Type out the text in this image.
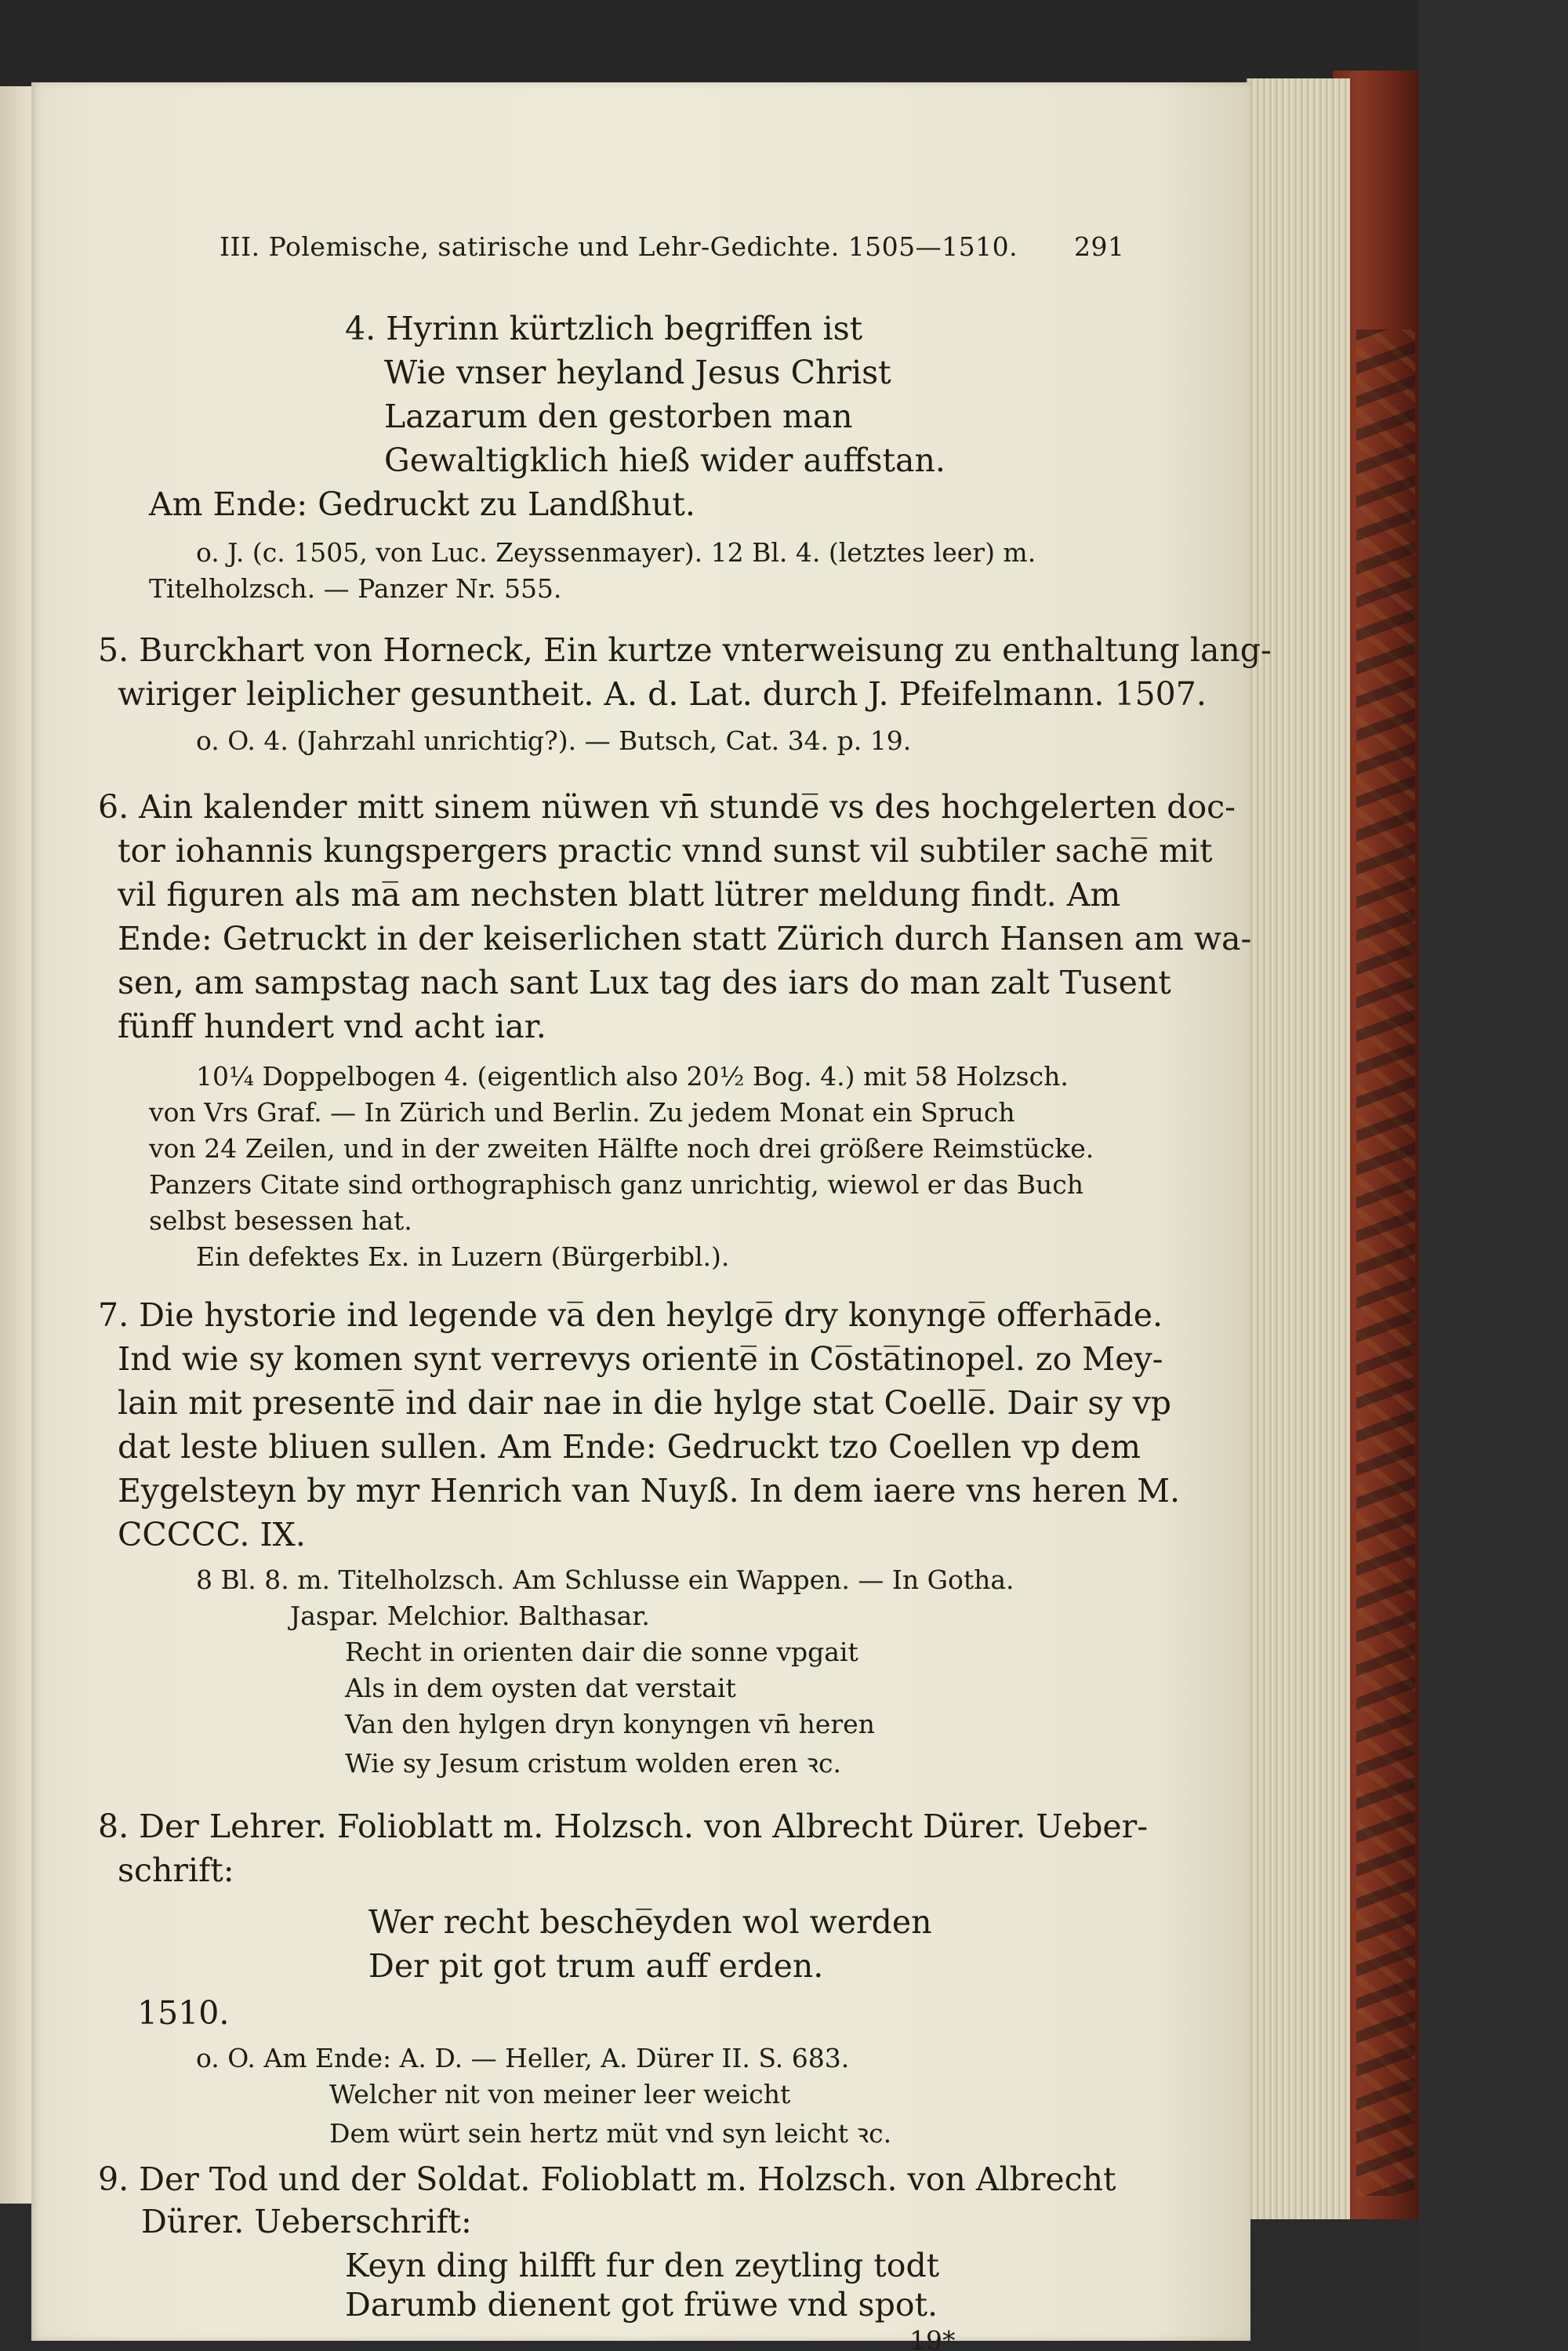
III. Polemische, satirische und Lehr-Gedichte. 1505—1510. 291
4. Hyrinn kürtzlich begriffen ist
Wie vnser heyland Jesus Christ
Lazarum den gestorben man
Gewaltigklich hieß wider auffstan.
Am Ende: Gedruckt zu Landßhut.
o. J. (c. 1505, von Luc. Zeyssenmayer). 12 Bl. 4. (letztes leer) m.
Titelholzsch. — Panzer Nr. 555.
5. Burckhart von Horneck, Ein kurtze vnterweisung zu enthaltung lang-
wiriger leiplicher gesuntheit. A. d. Lat. durch J. Pfeifelmann. 1507.
o. O. 4. (Jahrzahl unrichtig?). — Butsch, Cat. 34. p. 19.
6. Ain kalender mitt sinem nüwen vn̄ stunde̅ vs des hochgelerten doc-
tor iohannis kungspergers practic vnnd sunst vil subtiler sache̅ mit
vil figuren als ma̅ am nechsten blatt lütrer meldung findt. Am
Ende: Getruckt in der keiserlichen statt Zürich durch Hansen am wa-
sen, am sampstag nach sant Lux tag des iars do man zalt Tusent
fünff hundert vnd acht iar.
10¼ Doppelbogen 4. (eigentlich also 20½ Bog. 4.) mit 58 Holzsch.
von Vrs Graf. — In Zürich und Berlin. Zu jedem Monat ein Spruch
von 24 Zeilen, und in der zweiten Hälfte noch drei größere Reimstücke.
Panzers Citate sind orthographisch ganz unrichtig, wiewol er das Buch
selbst besessen hat.
Ein defektes Ex. in Luzern (Bürgerbibl.).
7. Die hystorie ind legende va̅ den heylge̅ dry konynge̅ offerha̅de.
Ind wie sy komen synt verrevys oriente̅ in Co̅sta̅tinopel. zo Mey-
lain mit presente̅ ind dair nae in die hylge stat Coelle̅. Dair sy vp
dat leste bliuen sullen. Am Ende: Gedruckt tzo Coellen vp dem
Eygelsteyn by myr Henrich van Nuyß. In dem iaere vns heren M.
CCCCC. IX.
8 Bl. 8. m. Titelholzsch. Am Schlusse ein Wappen. — In Gotha.
Jaspar. Melchior. Balthasar.
Recht in orienten dair die sonne vpgait
Als in dem oysten dat verstait
Van den hylgen dryn konyngen vn̄ heren
Wie sy Jesum cristum wolden eren ꝛc.
8. Der Lehrer. Folioblatt m. Holzsch. von Albrecht Dürer. Ueber-
schrift:
Wer recht besche̅yden wol werden
Der pit got trum auff erden.
1510.
o. O. Am Ende: A. D. — Heller, A. Dürer II. S. 683.
Welcher nit von meiner leer weicht
Dem würt sein hertz müt vnd syn leicht ꝛc.
9. Der Tod und der Soldat. Folioblatt m. Holzsch. von Albrecht
Dürer. Ueberschrift:
Keyn ding hilfft fur den zeytling todt
Darumb dienent got früwe vnd spot.
19*
